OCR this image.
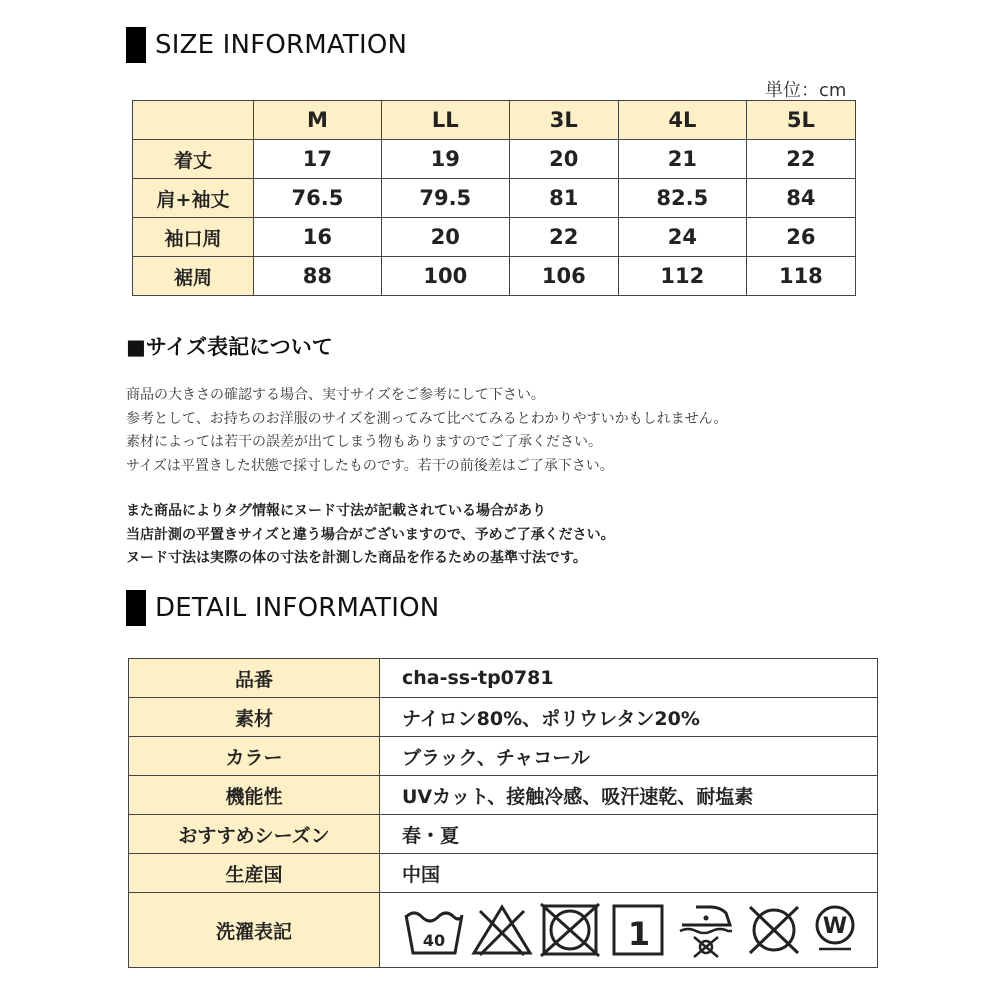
SIZE INFORMATION
単位：cm
	M	LL	3L	4L	5L
着丈	17	19	20	21	22
肩+袖丈	76.5	79.5	81	82.5	84
袖口周	16	20	22	24	26
裾周	88	100	106	112	118
■サイズ表記について

商品の大きさの確認する場合、実寸サイズをご参考にして下さい。

参考として、お持ちのお洋服のサイズを測ってみて比べてみるとわかりやすいかもしれません。

素材によっては若干の誤差が出てしまう物もありますのでご了承ください。

サイズは平置きした状態で採寸したものです。若干の前後差はご了承下さい。

また商品によりタグ情報にヌード寸法が記載されている場合があり

当店計測の平置きサイズと違う場合がございますので、予めご了承ください。

ヌード寸法は実際の体の寸法を計測した商品を作るための基準寸法です。

DETAIL INFORMATION
品番	cha-ss-tp0781
素材	ナイロン80%、ポリウレタン20%
カラー	ブラック、チャコール
機能性	UVカット、接触冷感、吸汗速乾、耐塩素
おすすめシーズン	春・夏
生産国	中国
洗濯表記	40 1 W
